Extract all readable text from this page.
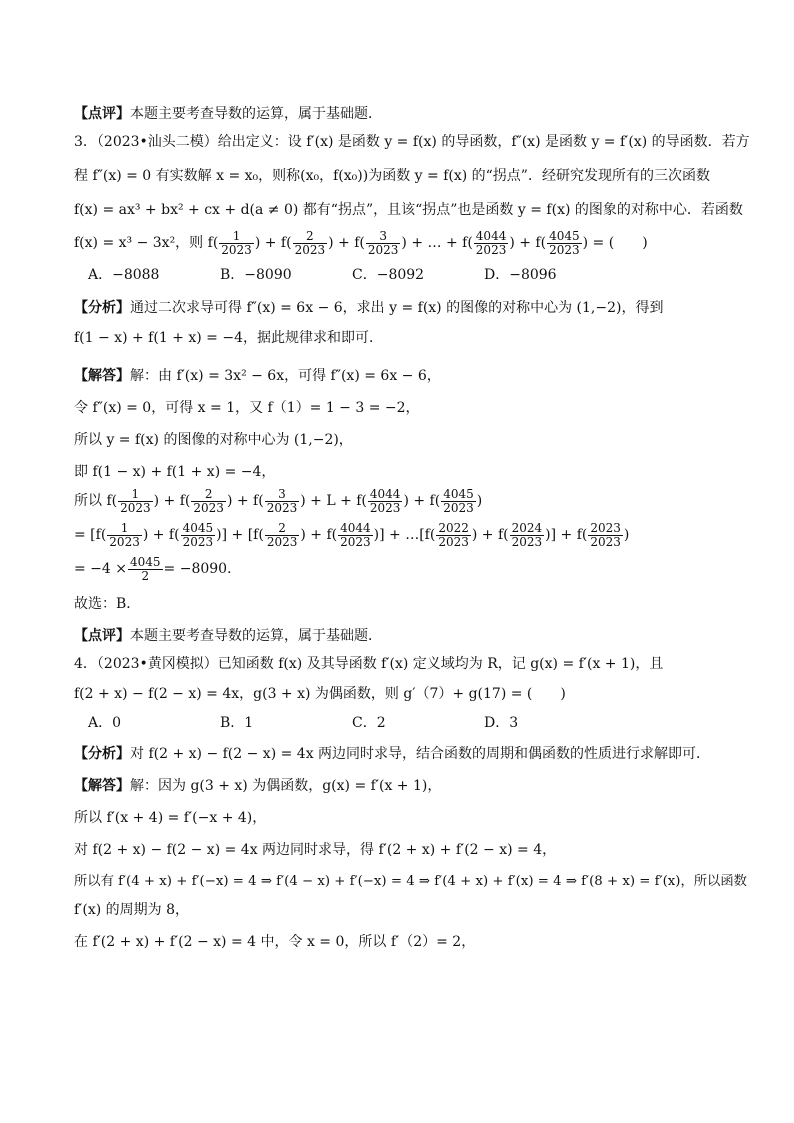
【点评】本题主要考查导数的运算，属于基础题．

3．（2023•汕头二模）给出定义：设 f′(x) 是函数 y = f(x) 的导函数，f″(x) 是函数 y = f′(x) 的导函数．若方

程 f″(x) = 0 有实数解 x = x₀，则称(x₀，f(x₀))为函数 y = f(x) 的“拐点”．经研究发现所有的三次函数

f(x) = ax³ + bx² + cx + d(a ≠ 0) 都有“拐点”，且该“拐点”也是函数 y = f(x) 的图象的对称中心．若函数

f(x) = x³ − 3x²，则 $f( \frac{1}{2023}$ ) + $f( \frac{2}{2023}$ ) + $f( \frac{3}{2023}$ ) + … + $f( \frac{4044}{2023}$ ) + $f( \frac{4045}{2023}$ ) = (　　)

A．−8088	B．−8090	C．−8092	D．−8096

【分析】通过二次求导可得 f″(x) = 6x − 6，求出 y = f(x) 的图像的对称中心为 (1,−2)，得到

f(1 − x) + f(1 + x) = −4，据此规律求和即可．

【解答】解：由 f′(x) = 3x² − 6x，可得 f″(x) = 6x − 6，

令 f″(x) = 0，可得 x = 1，又 f（1）= 1 − 3 = −2，

所以 y = f(x) 的图像的对称中心为 (1,−2)，

即 f(1 − x) + f(1 + x) = −4，

所以 $f( \frac{1}{2023}$ ) + $f( \frac{2}{2023}$ ) + $f( \frac{3}{2023}$ ) + $L + f( \frac{4044}{2023}$ ) + $f( \frac{4045}{2023}$ )

= [$f( \frac{1}{2023}$ ) + $f( \frac{4045}{2023}$ )] + [$f( \frac{2}{2023}$ ) + $f( \frac{4044}{2023}$ )] + …[f( $\frac{2022}{2023}$ ) + $f( \frac{2024}{2023}$ )] + $f( \frac{2023}{2023}$ )

= $-4 \times \frac{4045}{2} = -8090$．

故选：B．

【点评】本题主要考查导数的运算，属于基础题．

4．（2023•黄冈模拟）已知函数 f(x) 及其导函数 f′(x) 定义域均为 R，记 g(x) = f′(x + 1)，且

f(2 + x) − f(2 − x) = 4x，g(3 + x) 为偶函数，则 g′（7）+ g(17) = (　　)

A．0	B．1	C．2	D．3

【分析】对 f(2 + x) − f(2 − x) = 4x 两边同时求导，结合函数的周期和偶函数的性质进行求解即可．

【解答】解：因为 g(3 + x) 为偶函数，g(x) = f′(x + 1)，

所以 f′(x + 4) = f′(−x + 4)，

对 f(2 + x) − f(2 − x) = 4x 两边同时求导，得 f′(2 + x) + f′(2 − x) = 4，

所以有 f′(4 + x) + f′(−x) = 4 ⇒ f′(4 − x) + f′(−x) = 4 ⇒ f′(4 + x) + f′(x) = 4 ⇒ f′(8 + x) = f′(x)，所以函数

f′(x) 的周期为 8，

在 f′(2 + x) + f′(2 − x) = 4 中，令 x = 0，所以 f′（2）= 2，
